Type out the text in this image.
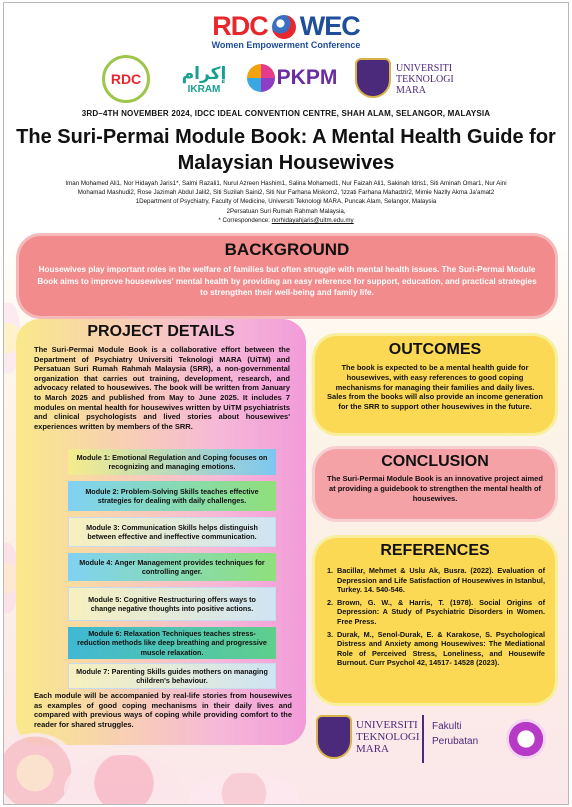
RDC WEC
Women Empowerment Conference
RDC إكرام
IKRAM	PKPM	UNIVERSITI
TEKNOLOGI
MARA
3RD–4TH NOVEMBER 2024, IDCC IDEAL CONVENTION CENTRE, SHAH ALAM, SELANGOR, MALAYSIA
The Suri-Permai Module Book: A Mental Health Guide for Malaysian Housewives
Iman Mohamed Ali1, Nor Hidayah Jaris1*, Salmi Razali1, Nurul Azreen Hashim1, Salina Mohamed1, Nur Faizah Ali1, Sakinah Idris1, Siti Aminah Omar1, Nur Aini
Mohamad Mashudi2, Rose Jazimah Abdul Jalil2, Siti Suzilah Saini2, Siti Nur Farhana Miskom2, 'Izzati Farhana Mahadzir2, Mimie Nazlly Akma Ja'amat2
1Department of Psychiatry, Faculty of Medicine, Universiti Teknologi MARA, Puncak Alam, Selangor, Malaysia
2Persatuan Suri Rumah Rahmah Malaysia,
* Correspondence: norhidayahjaris@uitm.edu.my
BACKGROUND
Housewives play important roles in the welfare of families but often struggle with mental health issues. The Suri-Permai Module Book aims to improve housewives' mental health by providing an easy reference for support, education, and practical strategies to strengthen their well-being and family life.
PROJECT DETAILS
The Suri-Permai Module Book is a collaborative effort between the Department of Psychiatry Universiti Teknologi MARA (UiTM) and Persatuan Suri Rumah Rahmah Malaysia (SRR), a non-governmental organization that carries out training, development, research, and advocacy related to housewives. The book will be written from January to March 2025 and published from May to June 2025. It includes 7 modules on mental health for housewives written by UiTM psychiatrists and clinical psychologists and lived stories about housewives' experiences written by members of the SRR.
Module 1: Emotional Regulation and Coping focuses on recognizing and managing emotions.
Module 2: Problem-Solving Skills teaches effective strategies for dealing with daily challenges.
Module 3: Communication Skills helps distinguish between effective and ineffective communication.
Module 4: Anger Management provides techniques for controlling anger.
Module 5: Cognitive Restructuring offers ways to change negative thoughts into positive actions.
Module 6: Relaxation Techniques teaches stress-reduction methods like deep breathing and progressive muscle relaxation.
Module 7: Parenting Skills guides mothers on managing children's behaviour.
Each module will be accompanied by real-life stories from housewives as examples of good coping mechanisms in their daily lives and compared with previous ways of coping while providing comfort to the reader for shared struggles.
OUTCOMES
The book is expected to be a mental health guide for housewives, with easy references to good coping mechanisms for managing their families and daily lives.
Sales from the books will also provide an income generation for the SRR to support other housewives in the future.
CONCLUSION
The Suri-Permai Module Book is an innovative project aimed at providing a guidebook to strengthen the mental health of housewives.
REFERENCES
1. Bacillar, Mehmet & Uslu Ak, Busra. (2022). Evaluation of Depression and Life Satisfaction of Housewives in Istanbul, Turkey. 14. 540-546.
2. Brown, G. W., & Harris, T. (1978). Social Origins of Depression: A Study of Psychiatric Disorders in Women. Free Press.
3. Durak, M., Senol-Durak, E. & Karakose, S. Psychological Distress and Anxiety among Housewives: The Mediational Role of Perceived Stress, Loneliness, and Housewife Burnout. Curr Psychol 42, 14517- 14528 (2023).
UNIVERSITI
TEKNOLOGI
MARA
Fakulti
Perubatan
